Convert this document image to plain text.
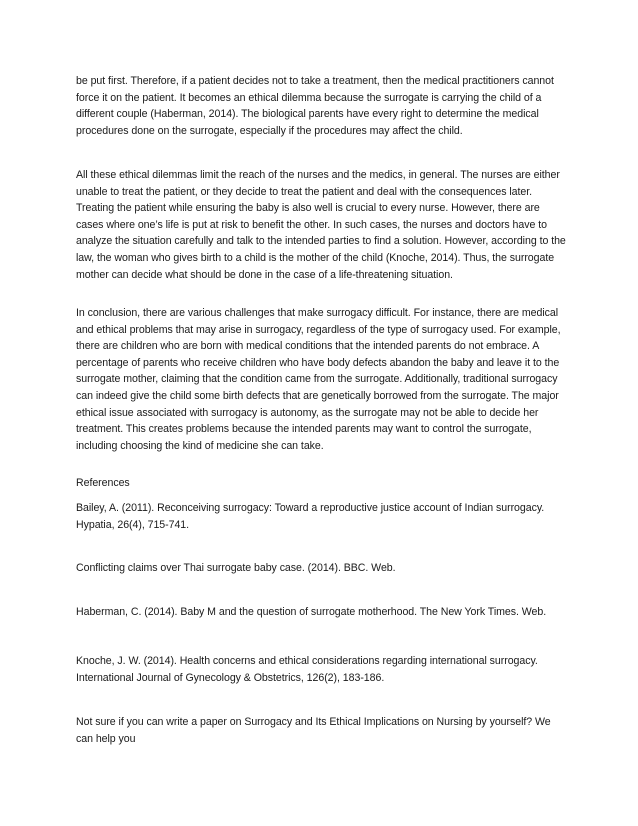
be put first. Therefore, if a patient decides not to take a treatment, then the medical practitioners cannot force it on the patient. It becomes an ethical dilemma because the surrogate is carrying the child of a different couple (Haberman, 2014). The biological parents have every right to determine the medical procedures done on the surrogate, especially if the procedures may affect the child.

All these ethical dilemmas limit the reach of the nurses and the medics, in general. The nurses are either unable to treat the patient, or they decide to treat the patient and deal with the consequences later. Treating the patient while ensuring the baby is also well is crucial to every nurse. However, there are cases where one’s life is put at risk to benefit the other. In such cases, the nurses and doctors have to analyze the situation carefully and talk to the intended parties to find a solution. However, according to the law, the woman who gives birth to a child is the mother of the child (Knoche, 2014). Thus, the surrogate mother can decide what should be done in the case of a life-threatening situation.

In conclusion, there are various challenges that make surrogacy difficult. For instance, there are medical and ethical problems that may arise in surrogacy, regardless of the type of surrogacy used. For example, there are children who are born with medical conditions that the intended parents do not embrace. A percentage of parents who receive children who have body defects abandon the baby and leave it to the surrogate mother, claiming that the condition came from the surrogate. Additionally, traditional surrogacy can indeed give the child some birth defects that are genetically borrowed from the surrogate. The major ethical issue associated with surrogacy is autonomy, as the surrogate may not be able to decide her treatment. This creates problems because the intended parents may want to control the surrogate, including choosing the kind of medicine she can take.

References

Bailey, A. (2011). Reconceiving surrogacy: Toward a reproductive justice account of Indian surrogacy. Hypatia, 26(4), 715-741.

Conflicting claims over Thai surrogate baby case. (2014). BBC. Web.

Haberman, C. (2014). Baby M and the question of surrogate motherhood. The New York Times. Web.

Knoche, J. W. (2014). Health concerns and ethical considerations regarding international surrogacy. International Journal of Gynecology & Obstetrics, 126(2), 183-186.

Not sure if you can write a paper on Surrogacy and Its Ethical Implications on Nursing by yourself? We can help you
